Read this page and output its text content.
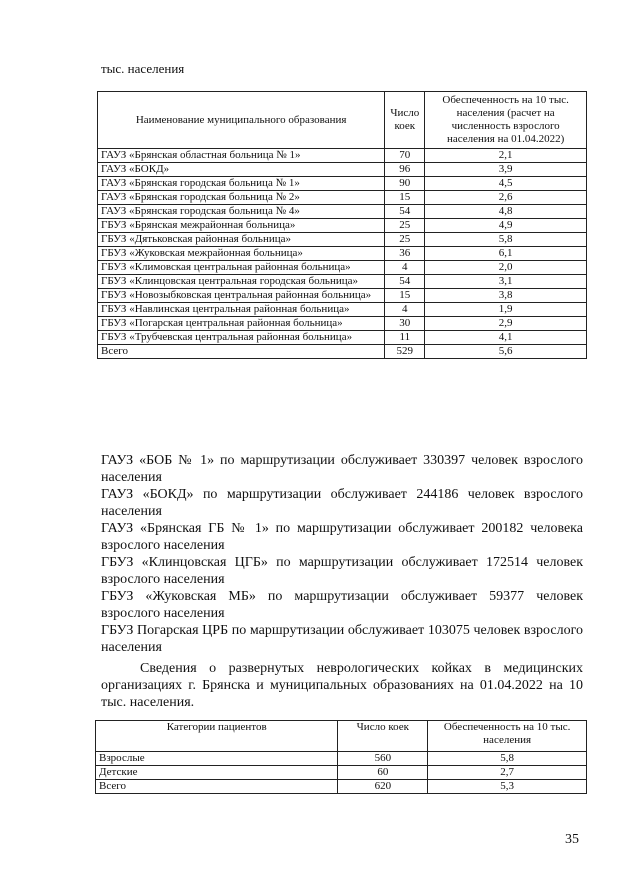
тыс. населения
Наименование муниципального образования	Число коек	Обеспеченность на 10 тыс. населения (расчет на численность взрослого населения на 01.04.2022)
ГАУЗ «Брянская областная больница № 1»	70	2,1
ГАУЗ «БОКД»	96	3,9
ГАУЗ «Брянская городская больница № 1»	90	4,5
ГАУЗ «Брянская городская больница № 2»	15	2,6
ГАУЗ «Брянская городская больница № 4»	54	4,8
ГБУЗ «Брянская межрайонная больница»	25	4,9
ГБУЗ «Дятьковская районная больница»	25	5,8
ГБУЗ «Жуковская межрайонная больница»	36	6,1
ГБУЗ «Климовская центральная районная больница»	4	2,0
ГБУЗ «Клинцовская центральная городская больница»	54	3,1
ГБУЗ «Новозыбковская центральная районная больница»	15	3,8
ГБУЗ «Навлинская центральная районная больница»	4	1,9
ГБУЗ «Погарская центральная районная больница»	30	2,9
ГБУЗ «Трубчевская центральная районная больница»	11	4,1
Всего	529	5,6

ГАУЗ «БОБ № 1» по маршрутизации обслуживает 330397 человек взрослого населения

ГАУЗ «БОКД» по маршрутизации обслуживает 244186 человек взрослого населения

ГАУЗ «Брянская ГБ № 1» по маршрутизации обслуживает 200182 человека взрослого населения

ГБУЗ «Клинцовская ЦГБ» по маршрутизации обслуживает 172514 человек взрослого населения

ГБУЗ «Жуковская МБ» по маршрутизации обслуживает 59377 человек взрослого населения

ГБУЗ Погарская ЦРБ по маршрутизации обслуживает 103075 человек взрослого населения

Сведения о развернутых неврологических койках в медицинских организациях г. Брянска и муниципальных образованиях на 01.04.2022 на 10 тыс. населения.

Категории пациентов	Число коек	Обеспеченность на 10 тыс. населения
Взрослые	560	5,8
Детские	60	2,7
Всего	620	5,3
35
